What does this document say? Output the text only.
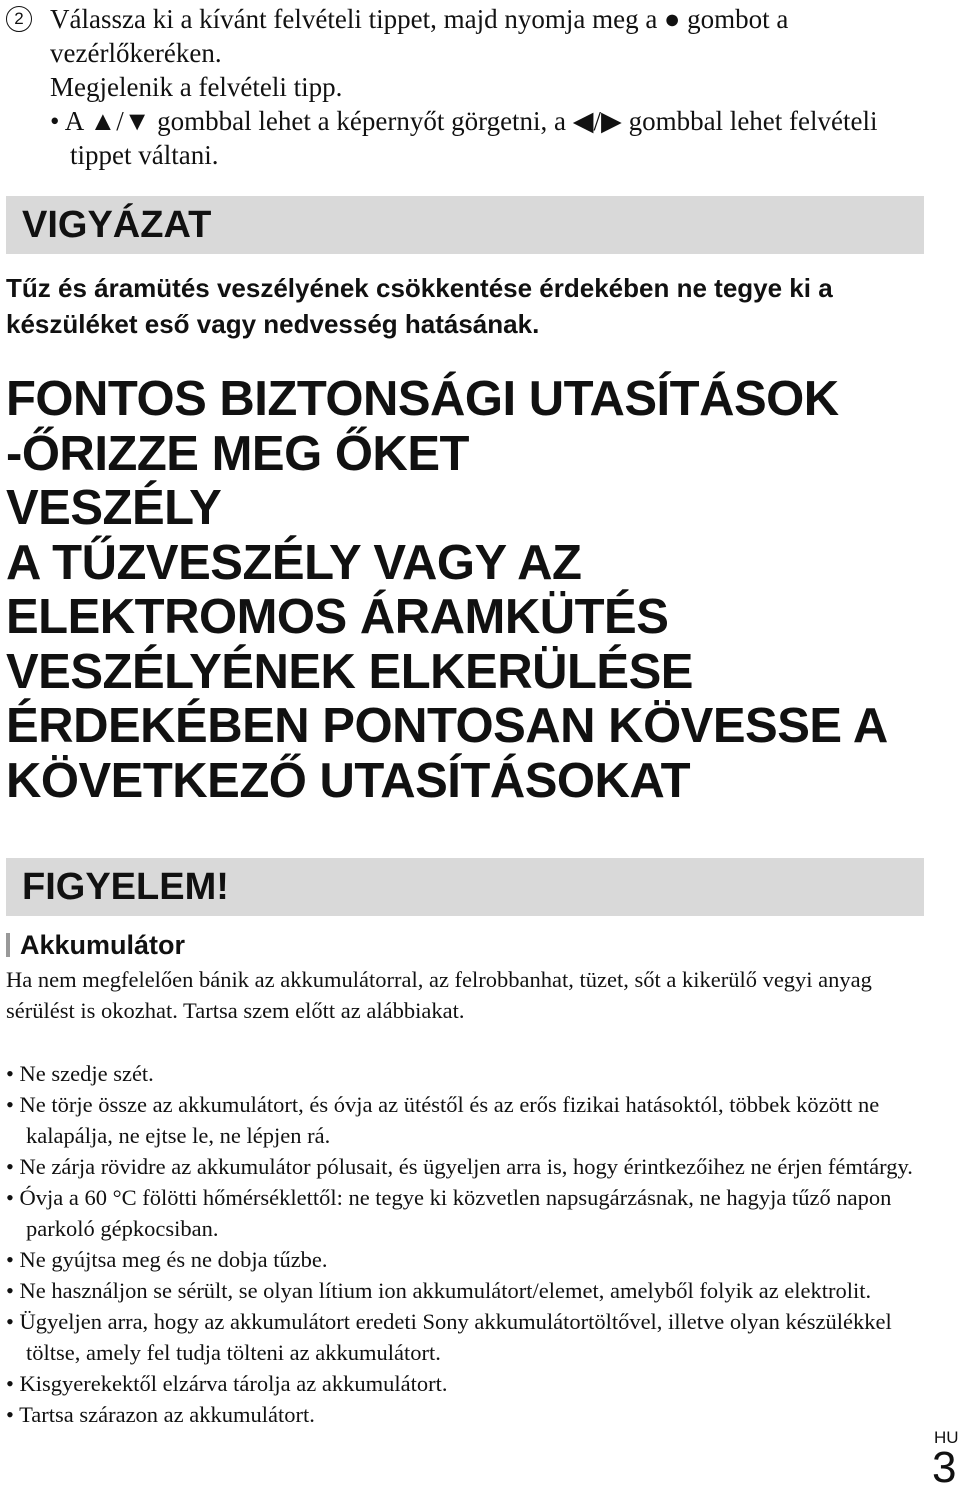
2 Válassza ki a kívánt felvételi tippet, majd nyomja meg a ● gombot a vezérlőkeréken.
Megjelenik a felvételi tipp.
• A ▲/▼ gombbal lehet a képernyőt görgetni, a ◀/▶ gombbal lehet felvételi tippet váltani.
VIGYÁZAT
Tűz és áramütés veszélyének csökkentése érdekében ne tegye ki a készüléket eső vagy nedvesség hatásának.
FONTOS BIZTONSÁGI UTASÍTÁSOK
-ŐRIZZE MEG ŐKET
VESZÉLY
A TŰZVESZÉLY VAGY AZ
ELEKTROMOS ÁRAMKÜTÉS
VESZÉLYÉNEK ELKERÜLÉSE
ÉRDEKÉBEN PONTOSAN KÖVESSE A
KÖVETKEZŐ UTASÍTÁSOKAT
FIGYELEM!
Akkumulátor
Ha nem megfelelően bánik az akkumulátorral, az felrobbanhat, tüzet, sőt a kikerülő vegyi anyag sérülést is okozhat. Tartsa szem előtt az alábbiakat.
• Ne szedje szét.
• Ne törje össze az akkumulátort, és óvja az ütéstől és az erős fizikai hatásoktól, többek között ne kalapálja, ne ejtse le, ne lépjen rá.
• Ne zárja rövidre az akkumulátor pólusait, és ügyeljen arra is, hogy érintkezőihez ne érjen fémtárgy.
• Óvja a 60 °C fölötti hőmérséklettől: ne tegye ki közvetlen napsugárzásnak, ne hagyja tűző napon parkoló gépkocsiban.
• Ne gyújtsa meg és ne dobja tűzbe.
• Ne használjon se sérült, se olyan lítium ion akkumulátort/elemet, amelyből folyik az elektrolit.
• Ügyeljen arra, hogy az akkumulátort eredeti Sony akkumulátortöltővel, illetve olyan készülékkel töltse, amely fel tudja tölteni az akkumulátort.
• Kisgyerekektől elzárva tárolja az akkumulátort.
• Tartsa szárazon az akkumulátort.
HU
3
